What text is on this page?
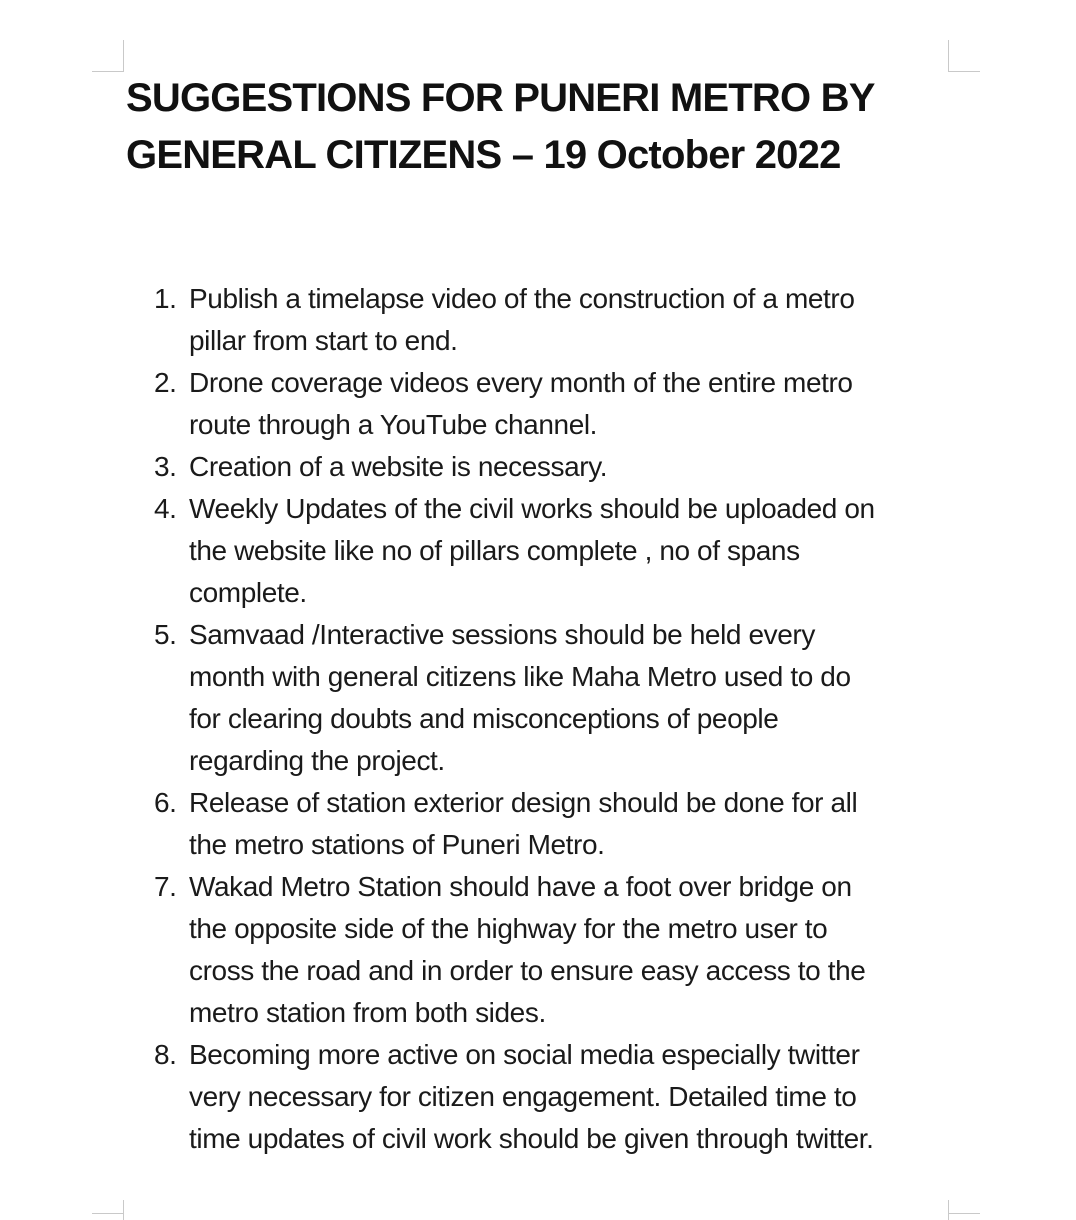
SUGGESTIONS FOR PUNERI METRO BY
GENERAL CITIZENS – 19 October 2022
1. Publish a timelapse video of the construction of a metro
pillar from start to end.
2. Drone coverage videos every month of the entire metro
route through a YouTube channel.
3. Creation of a website is necessary.
4. Weekly Updates of the civil works should be uploaded on
the website like no of pillars complete , no of spans
complete.
5. Samvaad /Interactive sessions should be held every
month with general citizens like Maha Metro used to do
for clearing doubts and misconceptions of people
regarding the project.
6. Release of station exterior design should be done for all
the metro stations of Puneri Metro.
7. Wakad Metro Station should have a foot over bridge on
the opposite side of the highway for the metro user to
cross the road and in order to ensure easy access to the
metro station from both sides.
8. Becoming more active on social media especially twitter
very necessary for citizen engagement. Detailed time to
time updates of civil work should be given through twitter.
